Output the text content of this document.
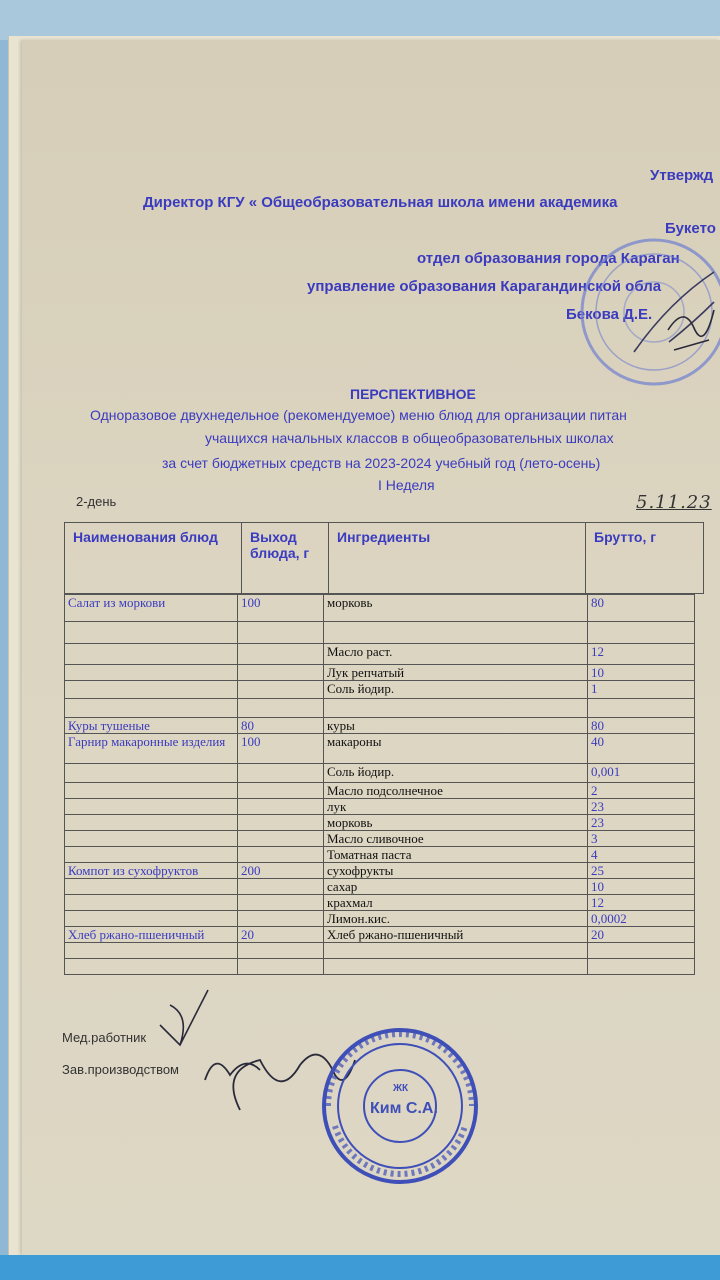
Утвержд
Директор КГУ « Общеобразовательная школа имени академика
Букето
отдел образования города Караган
управление образования Карагандинской обла
Бекова Д.Е.
ПЕРСПЕКТИВНОЕ
Одноразовое двухнедельное (рекомендуемое) меню блюд для организации питан
учащихся начальных классов в общеобразовательных школах
за счет бюджетных средств на 2023-2024 учебный год (лето-осень)
I Неделя
2-день	5.11.23
Наименования блюд	Выход блюда, г	Ингредиенты	Брутто, г
Салат из моркови	100	морковь	80

		Масло раст.	12
		Лук репчатый	10
		Соль йодир.	1

Куры тушеные	80	куры	80
Гарнир макаронные изделия	100	макароны	40
		Соль йодир.	0,001
		Масло подсолнечное	2
		лук	23
		морковь	23
		Масло сливочное	3
		Томатная паста	4
Компот из сухофруктов	200	сухофрукты	25
		сахар	10
		крахмал	12
		Лимон.кис.	0,0002
Хлеб ржано-пшеничный	20	Хлеб ржано-пшеничный	20

Мед.работник
Зав.производством
ЖК
Ким С.А.
